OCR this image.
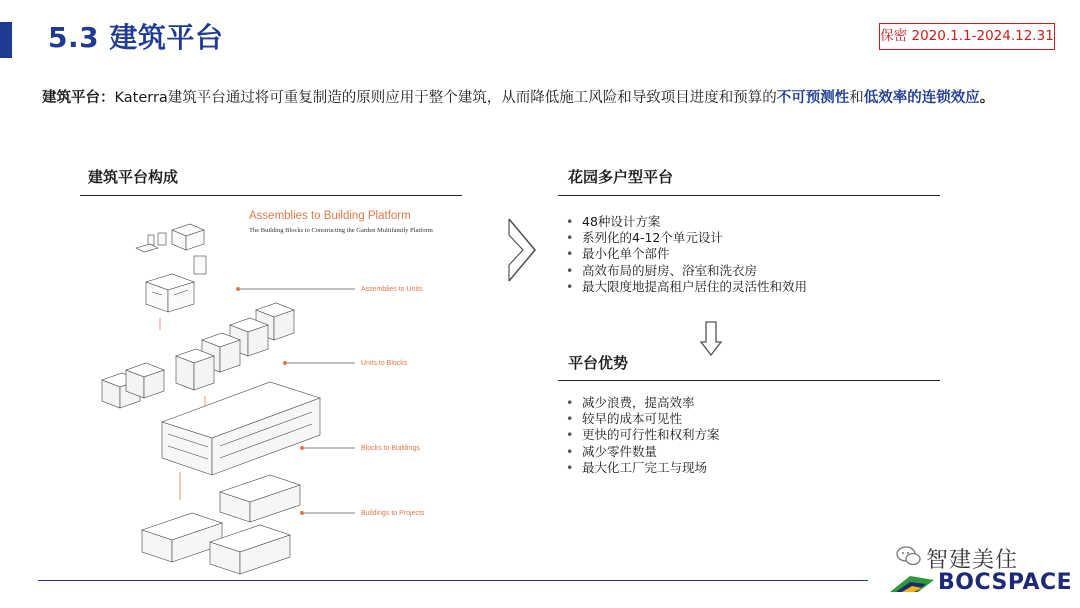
5.3 建筑平台	保密 2020.1.1-2024.12.31
建筑平台：Katerra建筑平台通过将可重复制造的原则应用于整个建筑，从而降低施工风险和导致项目进度和预算的不可预测性和低效率的连锁效应。
建筑平台构成
Assemblies to Building Platform
The Building Blocks to Constructing the Garden Multifamily Platform
Assemblies to Units
Units to Blocks
Blocks to Buildings
Buildings to Projects
花园多户型平台
• 48种设计方案
• 系列化的4-12个单元设计
• 最小化单个部件
• 高效布局的厨房、浴室和洗衣房
• 最大限度地提高租户居住的灵活性和效用
平台优势
• 减少浪费，提高效率
• 较早的成本可见性
• 更快的可行性和权利方案
• 减少零件数量
• 最大化工厂完工与现场
智建美住
BOCSPACE
